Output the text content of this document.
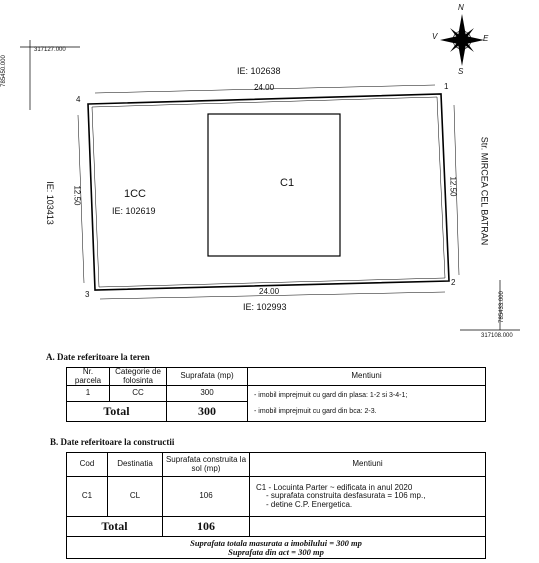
N
S
E
V
317127.000
785450.000
785433.000
317108.000
IE: 102638
IE: 102993
IE: 103413	Str. MIRCEA CEL BATRAN
24.00
24.00
12.50	12.50
1
2
3
4
1CC
IE: 102619
C1
A. Date referitoare la teren
Nr. parcela	Categorie de folosinta	Suprafata (mp)	Mentiuni
1	CC	300	- imobil imprejmuit cu gard din plasa: 1-2 si 3-4-1;
- imobil imprejmuit cu gard din bca: 2-3.

Total		300	
B. Date referitoare la constructii
Cod	Destinatia	Suprafata construita la sol (mp)	Mentiuni
C1	CL	106	C1 - Locuinta Parter ~ edificata in anul 2020
- suprafata construita desfasurata = 106 mp.,
- detine C.P. Energetica.

Total		106	

Suprafata totala masurata a imobilului = 300 mp
Suprafata din act = 300 mp			
